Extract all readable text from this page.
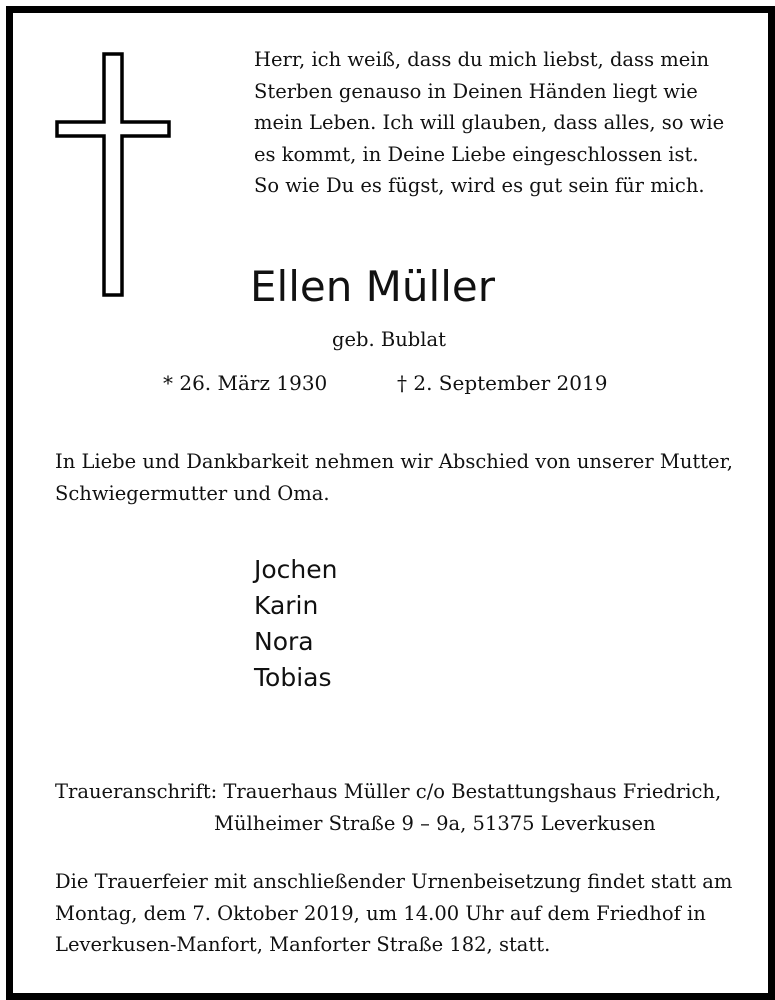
Herr, ich weiß, dass du mich liebst, dass mein
Sterben genauso in Deinen Händen liegt wie
mein Leben. Ich will glauben, dass alles, so wie
es kommt, in Deine Liebe eingeschlossen ist.
So wie Du es fügst, wird es gut sein für mich.
Ellen Müller
geb. Bublat
* 26. März 1930	† 2. September 2019
In Liebe und Dankbarkeit nehmen wir Abschied von unserer Mutter,
Schwiegermutter und Oma.
Jochen
Karin
Nora
Tobias
Traueranschrift: Trauerhaus Müller c/o Bestattungshaus Friedrich,
Mülheimer Straße 9 – 9a, 51375 Leverkusen
Die Trauerfeier mit anschließender Urnenbeisetzung findet statt am
Montag, dem 7. Oktober 2019, um 14.00 Uhr auf dem Friedhof in
Leverkusen-Manfort, Manforter Straße 182, statt.
